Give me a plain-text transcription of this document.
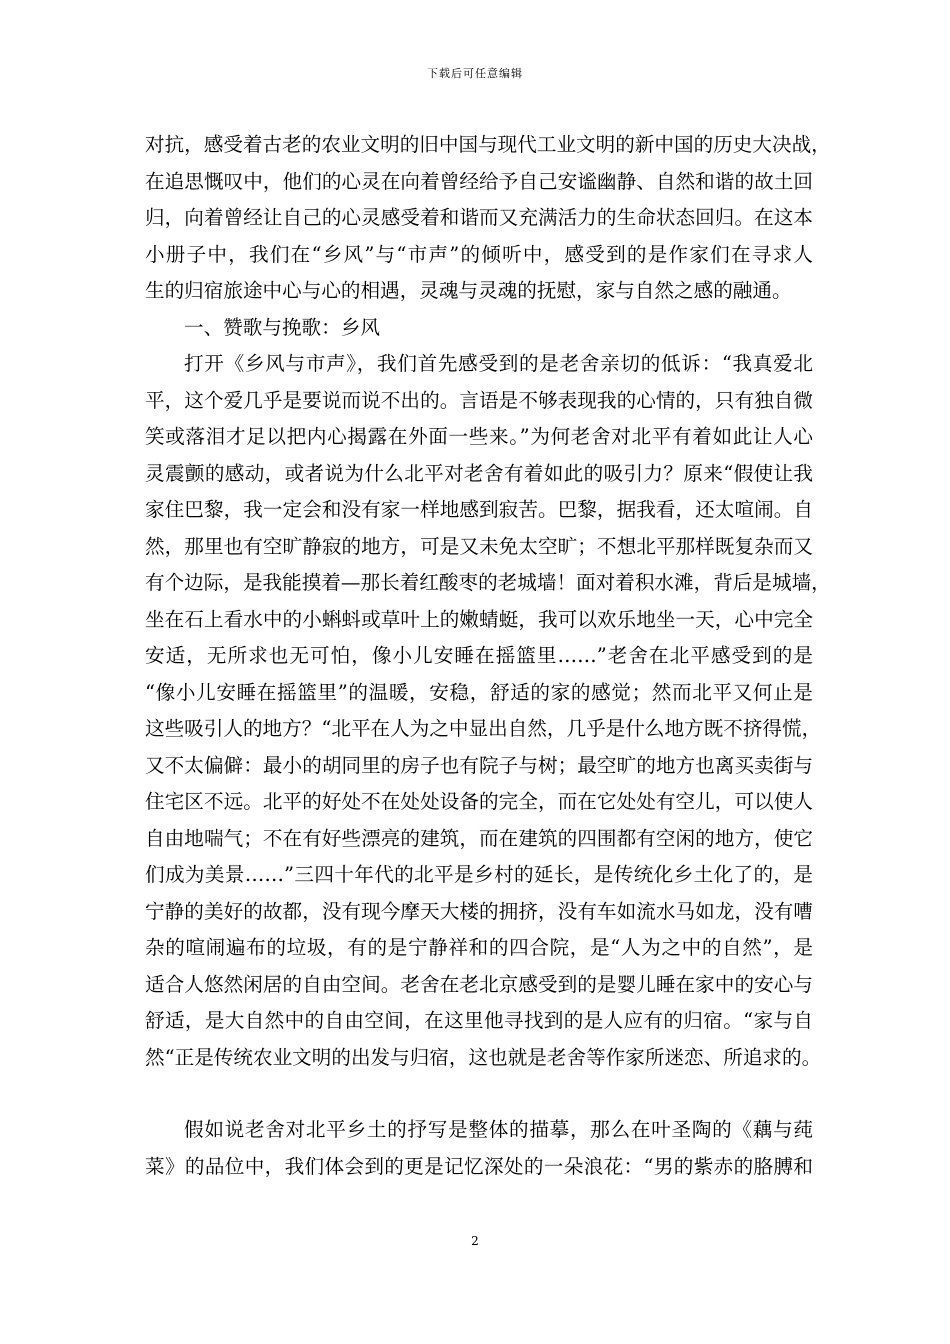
下载后可任意编辑
对抗，感受着古老的农业文明的旧中国与现代工业文明的新中国的历史大决战，
在追思慨叹中，他们的心灵在向着曾经给予自己安谧幽静、自然和谐的故土回
归，向着曾经让自己的心灵感受着和谐而又充满活力的生命状态回归。在这本
小册子中，我们在“乡风”与“市声”的倾听中，感受到的是作家们在寻求人
生的归宿旅途中心与心的相遇，灵魂与灵魂的抚慰，家与自然之感的融通。
一、赞歌与挽歌：乡风
打开《乡风与市声》，我们首先感受到的是老舍亲切的低诉：“我真爱北
平，这个爱几乎是要说而说不出的。言语是不够表现我的心情的，只有独自微
笑或落泪才足以把内心揭露在外面一些来。”为何老舍对北平有着如此让人心
灵震颤的感动，或者说为什么北平对老舍有着如此的吸引力？原来“假使让我
家住巴黎，我一定会和没有家一样地感到寂苦。巴黎，据我看，还太喧闹。自
然，那里也有空旷静寂的地方，可是又未免太空旷；不想北平那样既复杂而又
有个边际，是我能摸着—那长着红酸枣的老城墙！面对着积水滩，背后是城墙，
坐在石上看水中的小蝌蚪或草叶上的嫩蜻蜓，我可以欢乐地坐一天，心中完全
安适，无所求也无可怕，像小儿安睡在摇篮里……”老舍在北平感受到的是
“像小儿安睡在摇篮里”的温暖，安稳，舒适的家的感觉；然而北平又何止是
这些吸引人的地方？“北平在人为之中显出自然，几乎是什么地方既不挤得慌，
又不太偏僻：最小的胡同里的房子也有院子与树；最空旷的地方也离买卖街与
住宅区不远。北平的好处不在处处设备的完全，而在它处处有空儿，可以使人
自由地喘气；不在有好些漂亮的建筑，而在建筑的四围都有空闲的地方，使它
们成为美景……”三四十年代的北平是乡村的延长，是传统化乡土化了的，是
宁静的美好的故都，没有现今摩天大楼的拥挤，没有车如流水马如龙，没有嘈
杂的喧闹遍布的垃圾，有的是宁静祥和的四合院，是“人为之中的自然”，是
适合人悠然闲居的自由空间。老舍在老北京感受到的是婴儿睡在家中的安心与
舒适，是大自然中的自由空间，在这里他寻找到的是人应有的归宿。“家与自
然“正是传统农业文明的出发与归宿，这也就是老舍等作家所迷恋、所追求的。
假如说老舍对北平乡土的抒写是整体的描摹，那么在叶圣陶的《藕与莼
菜》的品位中，我们体会到的更是记忆深处的一朵浪花：“男的紫赤的胳膊和
2
